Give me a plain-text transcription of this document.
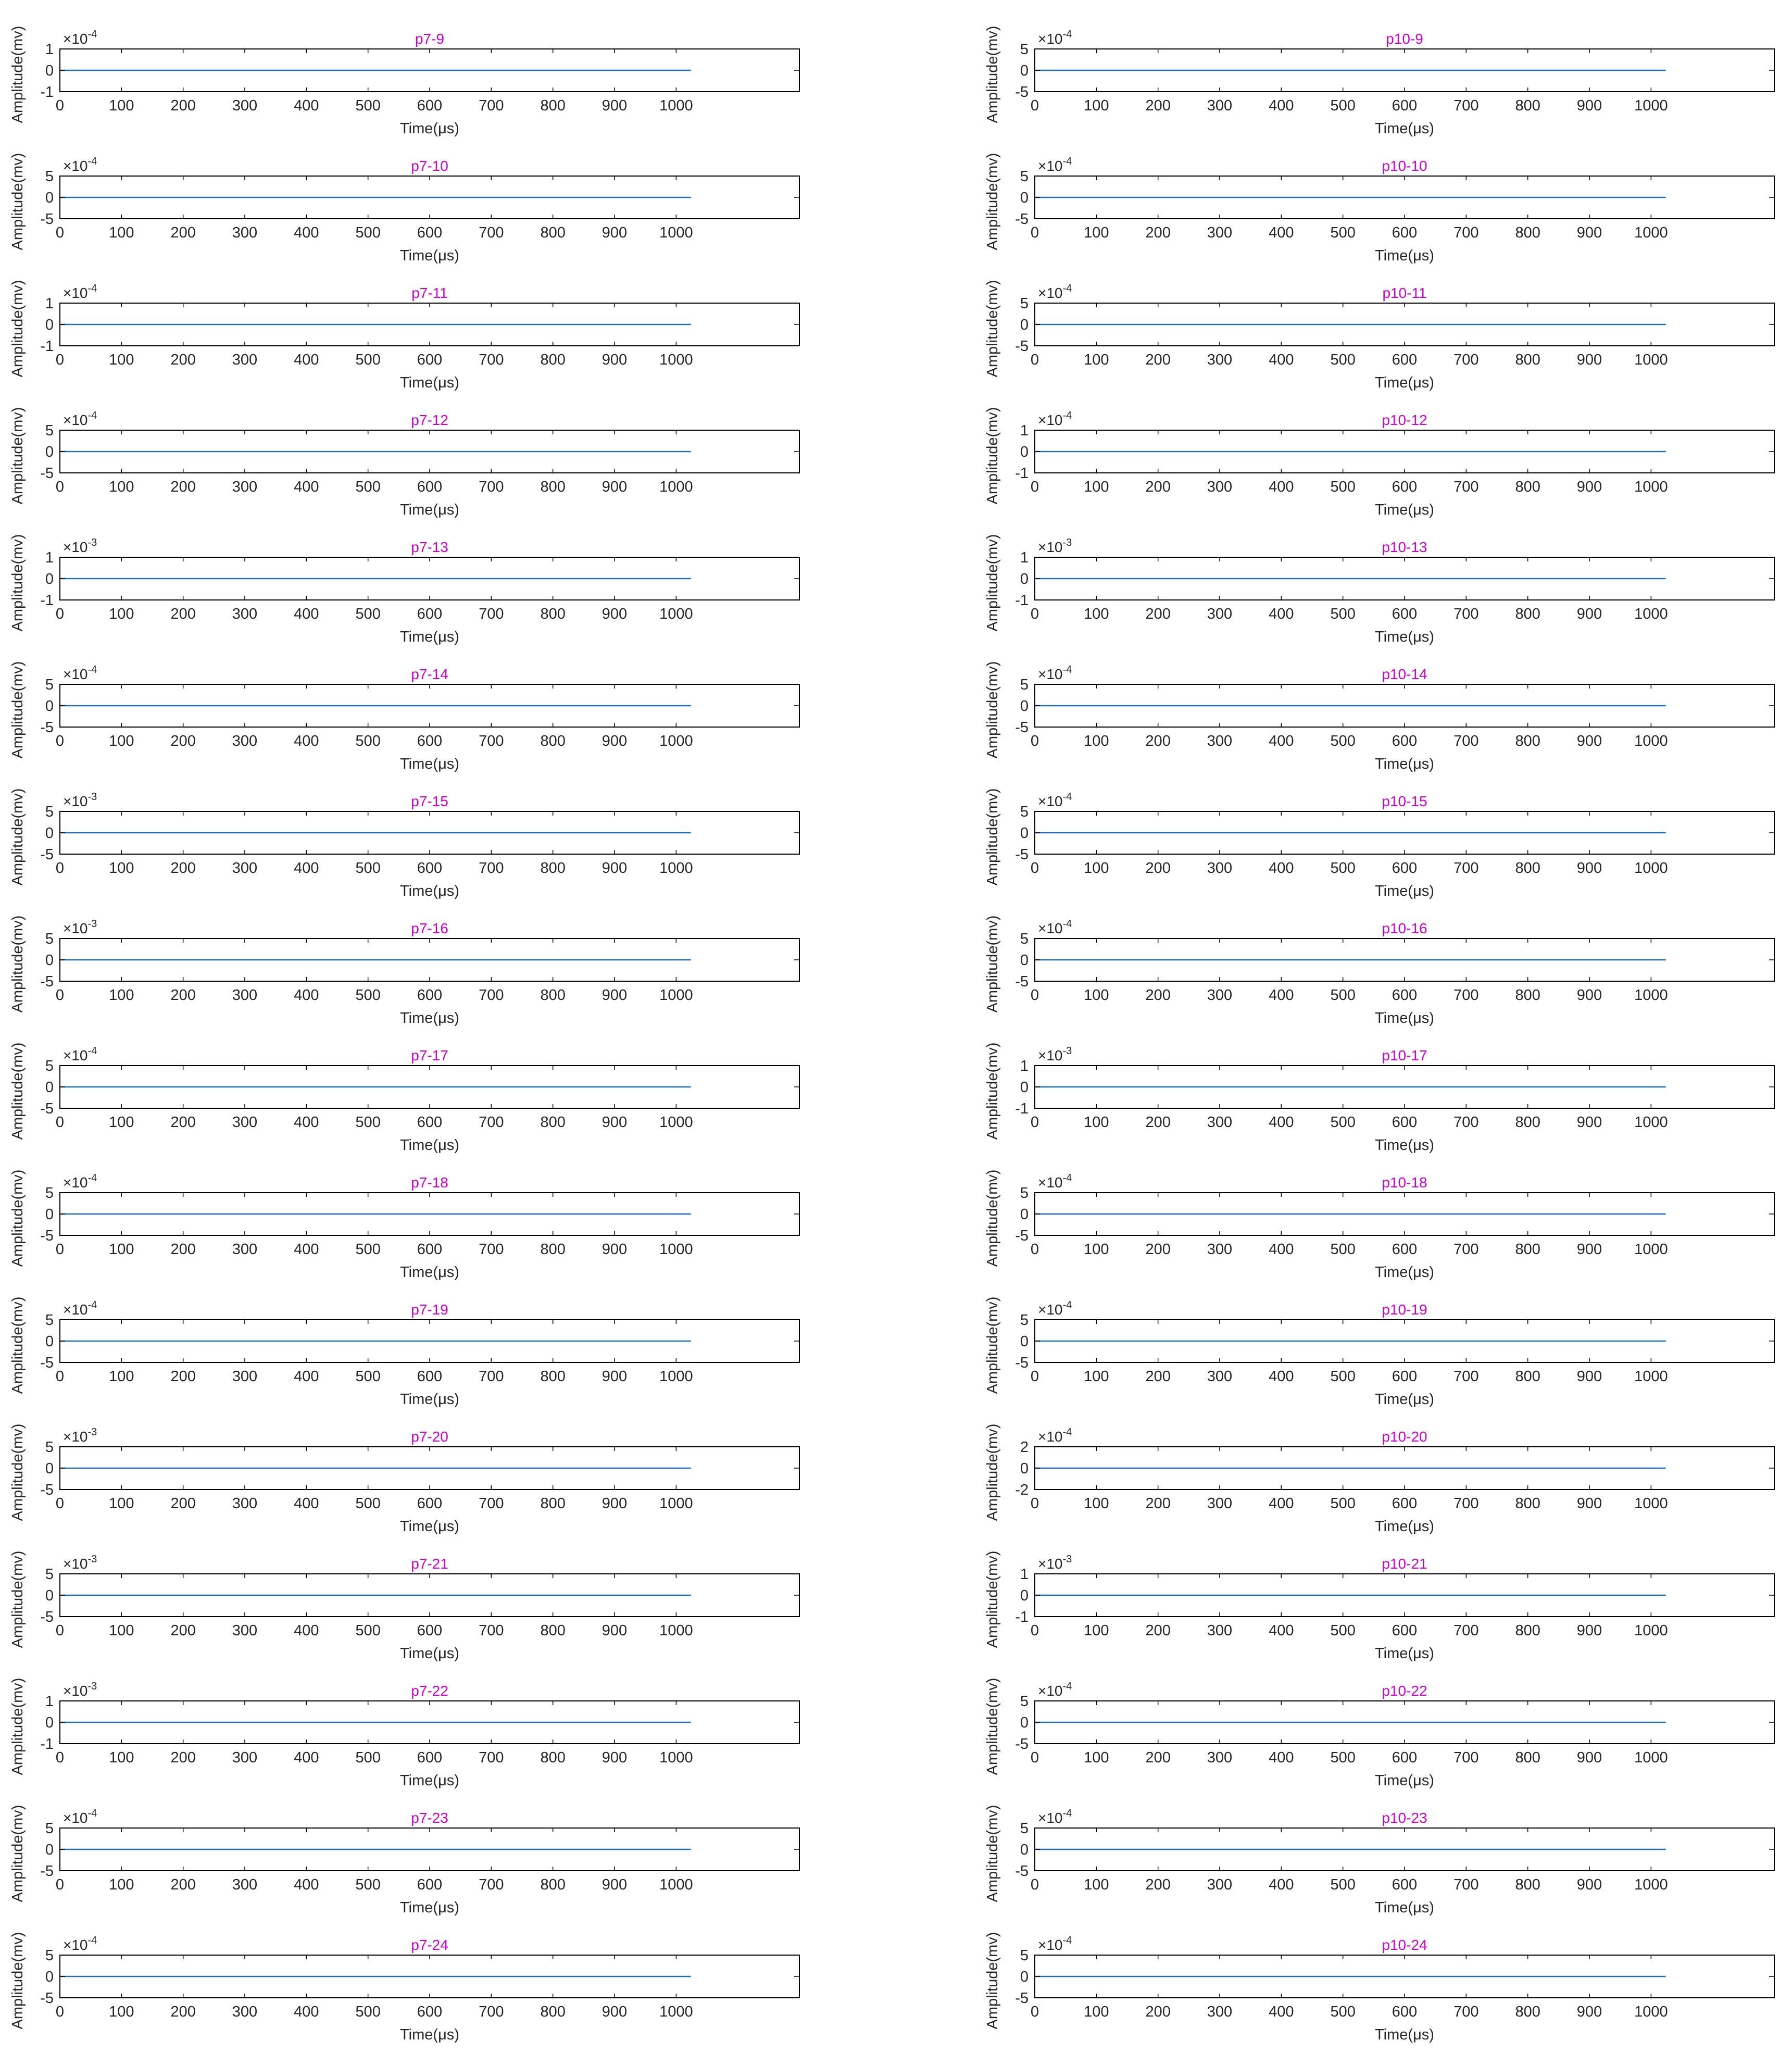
0	100 200 300 400 500 600 700 800 900 1000
-1
0
1
$\times 10^{-4}$	p7-9
Time(μs)
Amplitude(mv)
0	100 200 300 400 500 600 700 800 900 1000
-5
0
5
$\times 10^{-4}$	p7-10
Time(μs)
Amplitude(mv)
0	100 200 300 400 500 600 700 800 900 1000
-1
0
1
$\times 10^{-4}$	p7-11
Time(μs)
Amplitude(mv)
0	100 200 300 400 500 600 700 800 900 1000
-5
0
5
$\times 10^{-4}$	p7-12
Time(μs)
Amplitude(mv)
0	100 200 300 400 500 600 700 800 900 1000
-1
0
1
$\times 10^{-3}$	p7-13
Time(μs)
Amplitude(mv)
0	100 200 300 400 500 600 700 800 900 1000
-5
0
5
$\times 10^{-4}$	p7-14
Time(μs)
Amplitude(mv)
0	100 200 300 400 500 600 700 800 900 1000
-5
0
5
$\times 10^{-3}$	p7-15
Time(μs)
Amplitude(mv)
0	100 200 300 400 500 600 700 800 900 1000
-5
0
5
$\times 10^{-3}$	p7-16
Time(μs)
Amplitude(mv)
0	100 200 300 400 500 600 700 800 900 1000
-5
0
5
$\times 10^{-4}$	p7-17
Time(μs)
Amplitude(mv)
0	100 200 300 400 500 600 700 800 900 1000
-5
0
5
$\times 10^{-4}$	p7-18
Time(μs)
Amplitude(mv)
0	100 200 300 400 500 600 700 800 900 1000
-5
0
5
$\times 10^{-4}$	p7-19
Time(μs)
Amplitude(mv)
0	100 200 300 400 500 600 700 800 900 1000
-5
0
5
$\times 10^{-3}$	p7-20
Time(μs)
Amplitude(mv)
0	100 200 300 400 500 600 700 800 900 1000
-5
0
5
$\times 10^{-3}$	p7-21
Time(μs)
Amplitude(mv)
0	100 200 300 400 500 600 700 800 900 1000
-1
0
1
$\times 10^{-3}$	p7-22
Time(μs)
Amplitude(mv)
0	100 200 300 400 500 600 700 800 900 1000
-5
0
5
$\times 10^{-4}$	p7-23
Time(μs)
Amplitude(mv)
0	100 200 300 400 500 600 700 800 900 1000
-5
0
5
$\times 10^{-4}$	p7-24
Time(μs)
Amplitude(mv)
0	100 200 300 400 500 600 700 800 900 1000
-5
0
5
$\times 10^{-4}$	p10-9
Time(μs)
Amplitude(mv)
0	100 200 300 400 500 600 700 800 900 1000
-5
0
5
$\times 10^{-4}$	p10-10
Time(μs)
Amplitude(mv)
0	100 200 300 400 500 600 700 800 900 1000
-5
0
5
$\times 10^{-4}$	p10-11
Time(μs)
Amplitude(mv)
0	100 200 300 400 500 600 700 800 900 1000
-1
0
1
$\times 10^{-4}$	p10-12
Time(μs)
Amplitude(mv)
0	100 200 300 400 500 600 700 800 900 1000
-1
0
1
$\times 10^{-3}$	p10-13
Time(μs)
Amplitude(mv)
0	100 200 300 400 500 600 700 800 900 1000
-5
0
5
$\times 10^{-4}$	p10-14
Time(μs)
Amplitude(mv)
0	100 200 300 400 500 600 700 800 900 1000
-5
0
5
$\times 10^{-4}$	p10-15
Time(μs)
Amplitude(mv)
0	100 200 300 400 500 600 700 800 900 1000
-5
0
5
$\times 10^{-4}$	p10-16
Time(μs)
Amplitude(mv)
0	100 200 300 400 500 600 700 800 900 1000
-1
0
1
$\times 10^{-3}$	p10-17
Time(μs)
Amplitude(mv)
0	100 200 300 400 500 600 700 800 900 1000
-5
0
5
$\times 10^{-4}$	p10-18
Time(μs)
Amplitude(mv)
0	100 200 300 400 500 600 700 800 900 1000
-5
0
5
$\times 10^{-4}$	p10-19
Time(μs)
Amplitude(mv)
0	100 200 300 400 500 600 700 800 900 1000
-2
0
2
$\times 10^{-4}$	p10-20
Time(μs)
Amplitude(mv)
0	100 200 300 400 500 600 700 800 900 1000
-1
0
1
$\times 10^{-3}$	p10-21
Time(μs)
Amplitude(mv)
0	100 200 300 400 500 600 700 800 900 1000
-5
0
5
$\times 10^{-4}$	p10-22
Time(μs)
Amplitude(mv)
0	100 200 300 400 500 600 700 800 900 1000
-5
0
5
$\times 10^{-4}$	p10-23
Time(μs)
Amplitude(mv)
0	100 200 300 400 500 600 700 800 900 1000
-5
0
5
$\times 10^{-4}$	p10-24
Time(μs)
Amplitude(mv)
